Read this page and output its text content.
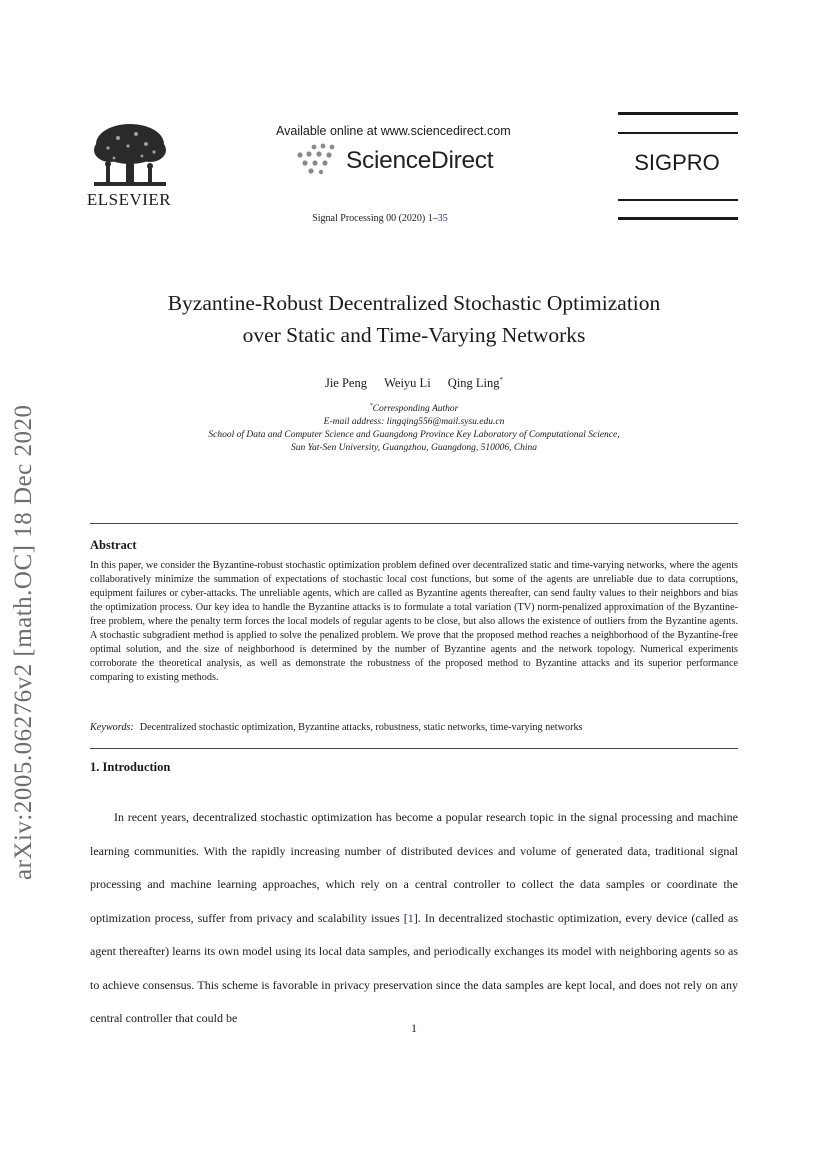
arXiv:2005.06276v2 [math.OC] 18 Dec 2020
ELSEVIER
Available online at www.sciencedirect.com
ScienceDirect
Signal Processing 00 (2020) 1–35
SIGPRO
Byzantine-Robust Decentralized Stochastic Optimization
over Static and Time-Varying Networks
Jie Peng Weiyu Li Qing Ling*
*Corresponding Author
E-mail address: lingqing556@mail.sysu.edu.cn
School of Data and Computer Science and Guangdong Province Key Laboratory of Computational Science,
Sun Yat-Sen University, Guangzhou, Guangdong, 510006, China
Abstract
In this paper, we consider the Byzantine-robust stochastic optimization problem defined over decentralized static and time-varying networks, where the agents collaboratively minimize the summation of expectations of stochastic local cost functions, but some of the agents are unreliable due to data corruptions, equipment failures or cyber-attacks. The unreliable agents, which are called as Byzantine agents thereafter, can send faulty values to their neighbors and bias the optimization process. Our key idea to handle the Byzantine attacks is to formulate a total variation (TV) norm-penalized approximation of the Byzantine-free problem, where the penalty term forces the local models of regular agents to be close, but also allows the existence of outliers from the Byzantine agents. A stochastic subgradient method is applied to solve the penalized problem. We prove that the proposed method reaches a neighborhood of the Byzantine-free optimal solution, and the size of neighborhood is determined by the number of Byzantine agents and the network topology. Numerical experiments corroborate the theoretical analysis, as well as demonstrate the robustness of the proposed method to Byzantine attacks and its superior performance comparing to existing methods.
Keywords: Decentralized stochastic optimization, Byzantine attacks, robustness, static networks, time-varying networks
1. Introduction
In recent years, decentralized stochastic optimization has become a popular research topic in the signal processing and machine learning communities. With the rapidly increasing number of distributed devices and volume of generated data, traditional signal processing and machine learning approaches, which rely on a central controller to collect the data samples or coordinate the optimization process, suffer from privacy and scalability issues [1]. In decentralized stochastic optimization, every device (called as agent thereafter) learns its own model using its local data samples, and periodically exchanges its model with neighboring agents so as to achieve consensus. This scheme is favorable in privacy preservation since the data samples are kept local, and does not rely on any central controller that could be
1
